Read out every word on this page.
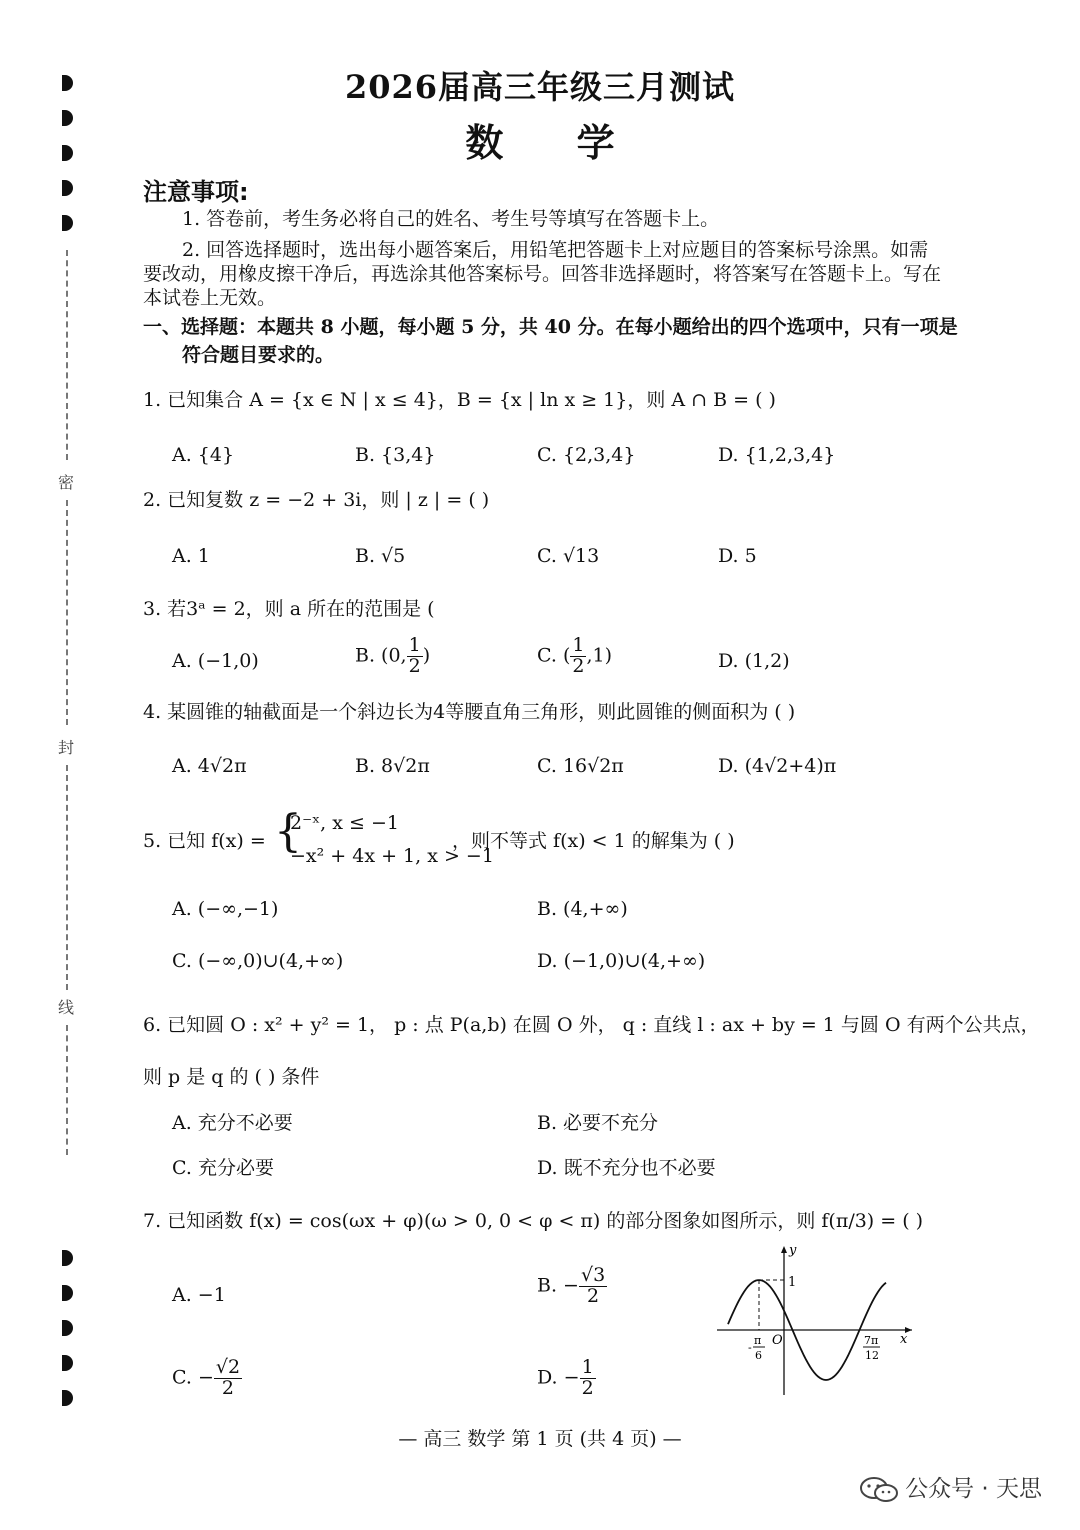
密
封
线
2026届高三年级三月测试
数 学
注意事项:
1. 答卷前，考生务必将自己的姓名、考生号等填写在答题卡上。
2. 回答选择题时，选出每小题答案后，用铅笔把答题卡上对应题目的答案标号涂黑。如需
要改动，用橡皮擦干净后，再选涂其他答案标号。回答非选择题时，将答案写在答题卡上。写在
本试卷上无效。
一、选择题：本题共 8 小题，每小题 5 分，共 40 分。在每小题给出的四个选项中，只有一项是
符合题目要求的。
1. 已知集合 A = {x ∈ N | x ≤ 4}，B = {x | ln x ≥ 1}，则 A ∩ B = ( )
A. {4}	B. {3,4}	C. {2,3,4}	D. {1,2,3,4}
2. 已知复数 z = −2 + 3i，则 | z | = ( )
A. 1	B. √5	C. √13	D. 5
3. 若3ᵃ = 2，则 a 所在的范围是 (
A. (−1,0)	B. (0, $\frac{1}{2}$ )	C. ( $\frac{1}{2} ,1$)	D. (1,2)
4. 某圆锥的轴截面是一个斜边长为4等腰直角三角形，则此圆锥的侧面积为 ( )
A. 4√2π	B. 8√2π	C. 16√2π	D. (4√2+4)π
5. 已知 f(x) = {
2⁻ˣ, x ≤ −1
−x² + 4x + 1, x > −1
，则不等式 f(x) < 1 的解集为 ( )
A. (−∞,−1)	B. (4,+∞)
C. (−∞,0)∪(4,+∞)	D. (−1,0)∪(4,+∞)
6. 已知圆 O : x² + y² = 1， p : 点 P(a,b) 在圆 O 外， q : 直线 l : ax + by = 1 与圆 O 有两个公共点，
则 p 是 q 的 ( ) 条件
A. 充分不必要	B. 必要不充分
C. 充分必要	D. 既不充分也不必要
7. 已知函数 f(x) = cos(ωx + φ)(ω > 0, 0 < φ < π) 的部分图象如图所示，则 f(π/3) = ( )
A. −1	B. − $\frac{√3}{2}$
C. − $\frac{√2}{2}$	D. − $\frac{1}{2}$
y
x
O
1
-
π
6
7π
12
— 高三 数学 第 1 页 (共 4 页) —
公众号 · 天思
